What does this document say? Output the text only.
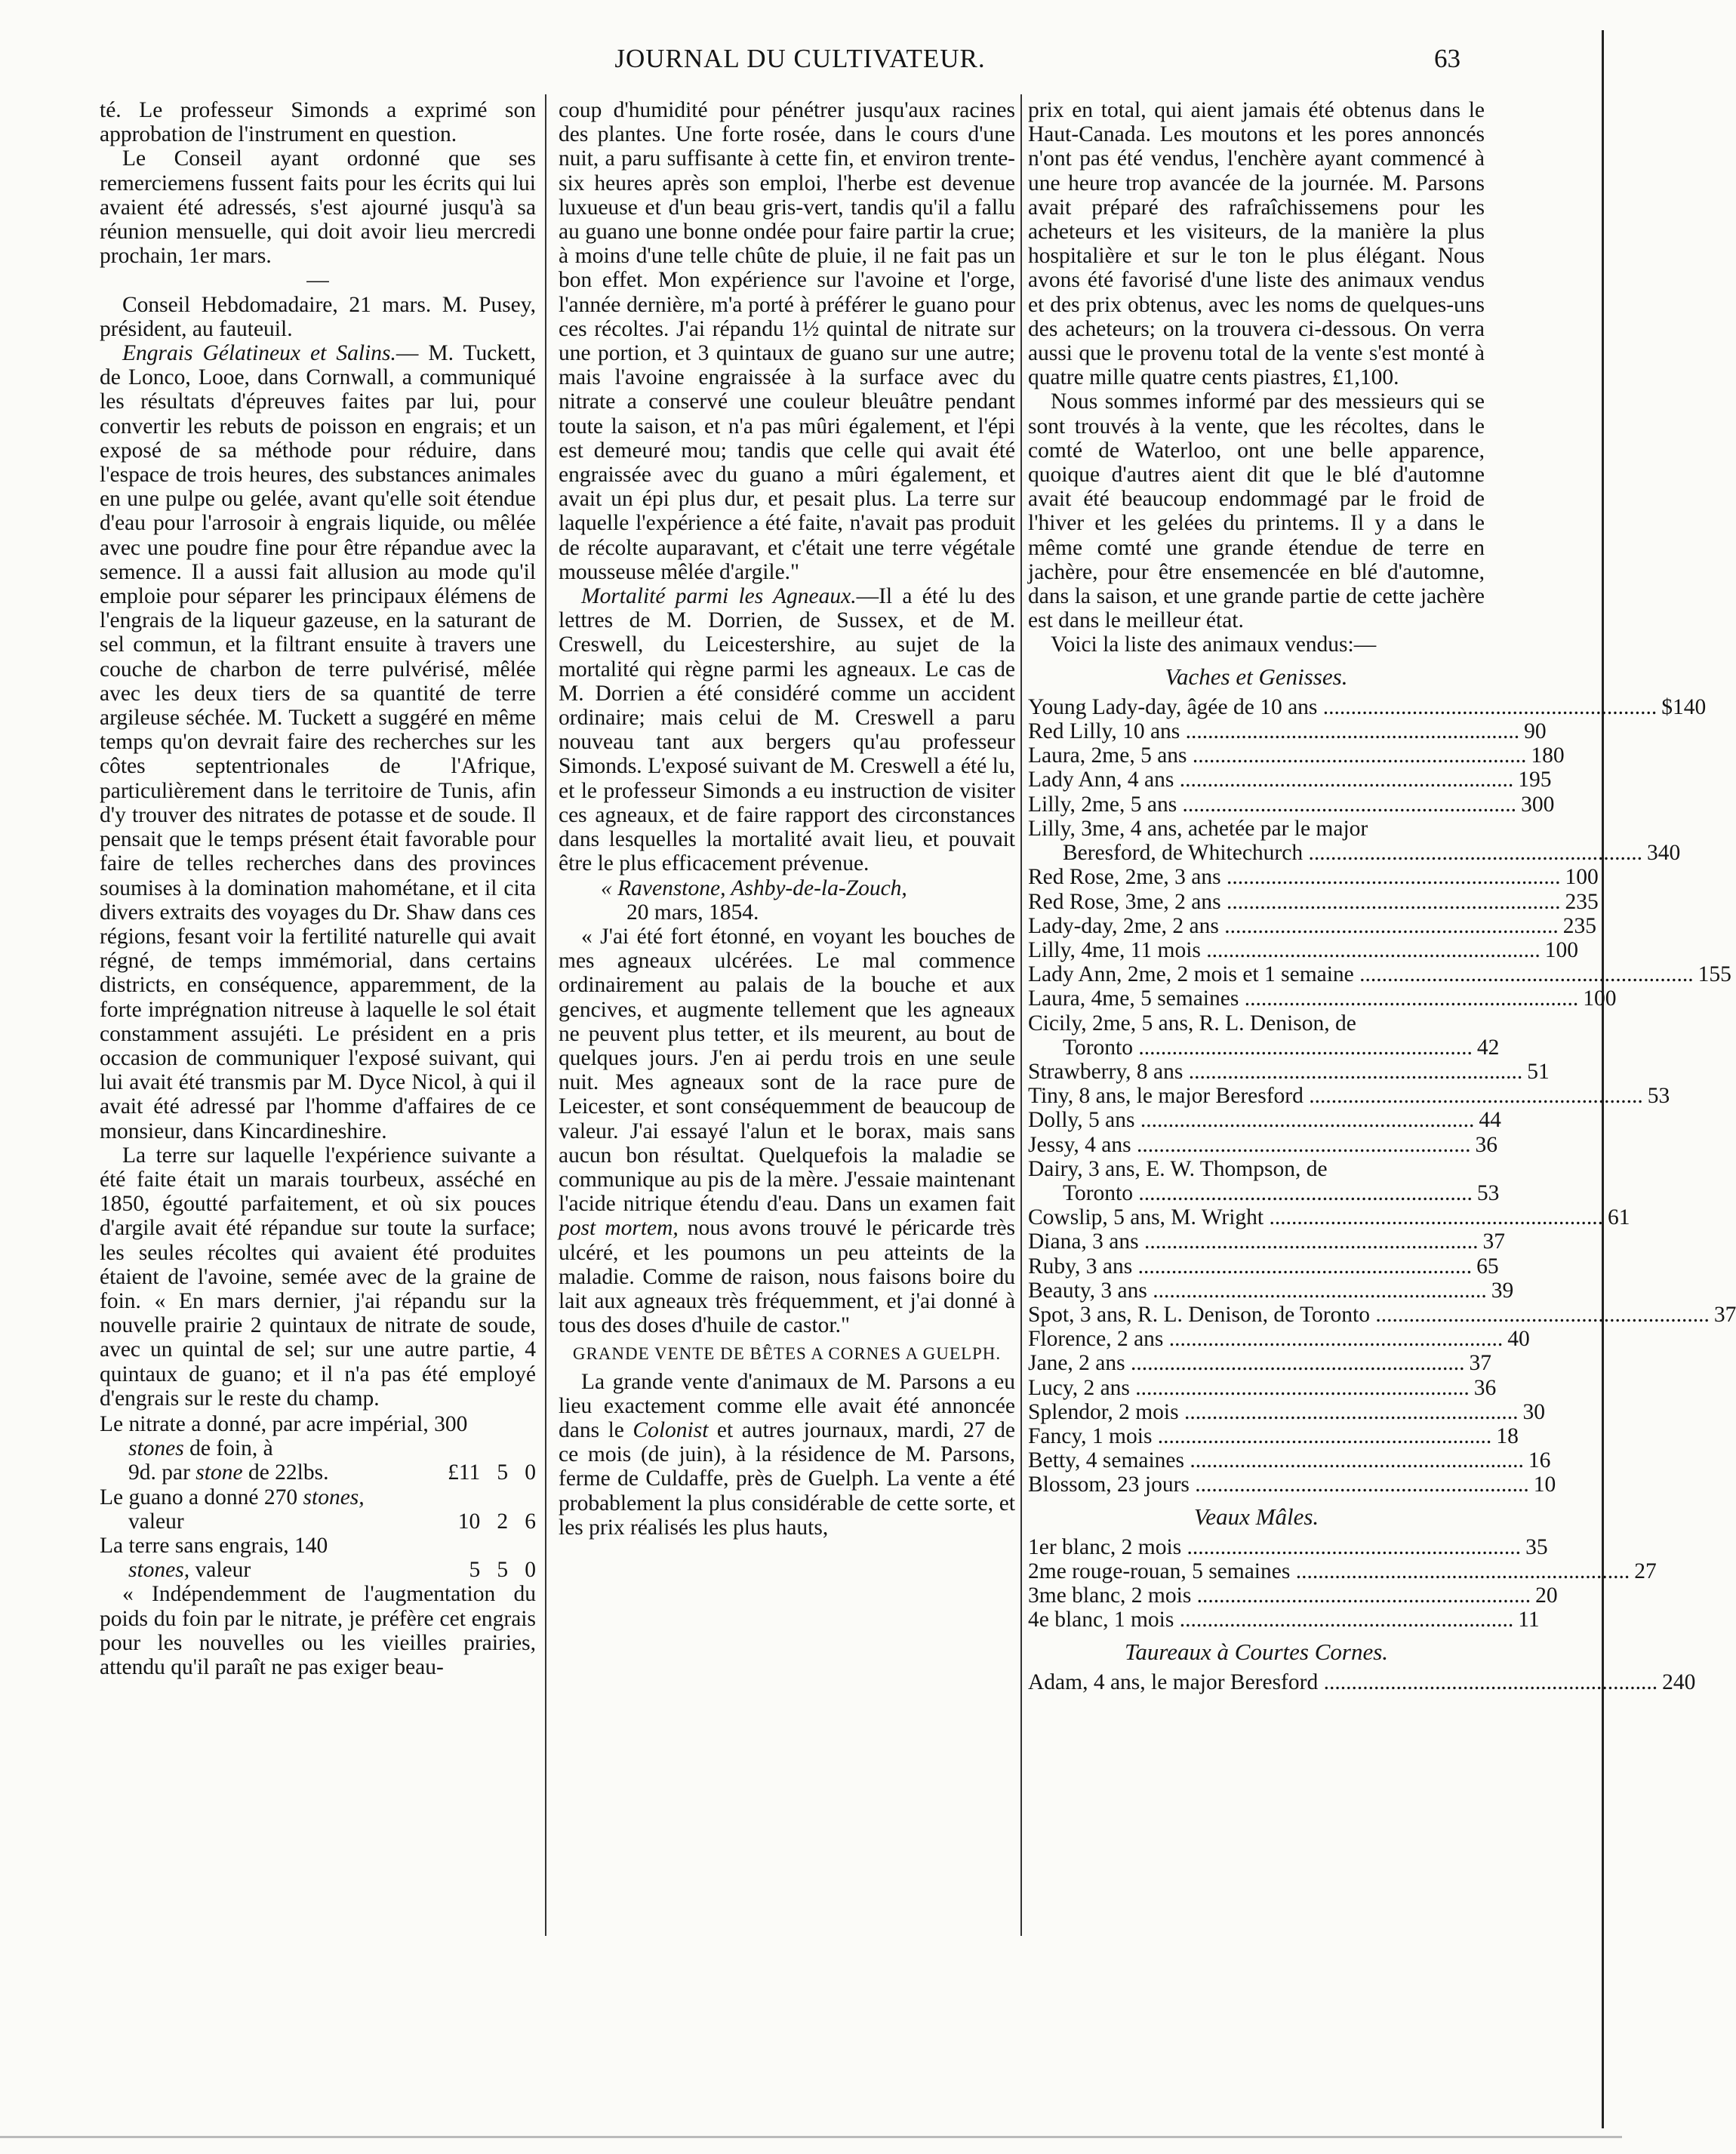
JOURNAL DU CULTIVATEUR.	63

té. Le professeur Simonds a exprimé son approbation de l'instrument en question.

Le Conseil ayant ordonné que ses remerciemens fussent faits pour les écrits qui lui avaient été adressés, s'est ajourné jusqu'à sa réunion mensuelle, qui doit avoir lieu mercredi prochain, 1er mars.

—

Conseil Hebdomadaire, 21 mars. M. Pusey, président, au fauteuil.

Engrais Gélatineux et Salins.— M. Tuckett, de Lonco, Looe, dans Cornwall, a communiqué les résultats d'épreuves faites par lui, pour convertir les rebuts de poisson en engrais; et un exposé de sa méthode pour réduire, dans l'espace de trois heures, des substances animales en une pulpe ou gelée, avant qu'elle soit étendue d'eau pour l'arrosoir à engrais liquide, ou mêlée avec une poudre fine pour être répandue avec la semence. Il a aussi fait allusion au mode qu'il emploie pour séparer les principaux élémens de l'engrais de la liqueur gazeuse, en la saturant de sel commun, et la filtrant ensuite à travers une couche de charbon de terre pulvérisé, mêlée avec les deux tiers de sa quantité de terre argileuse séchée. M. Tuckett a suggéré en même temps qu'on devrait faire des recherches sur les côtes septentrionales de l'Afrique, particulièrement dans le territoire de Tunis, afin d'y trouver des nitrates de potasse et de soude. Il pensait que le temps présent était favorable pour faire de telles recherches dans des provinces soumises à la domination mahométane, et il cita divers extraits des voyages du Dr. Shaw dans ces régions, fesant voir la fertilité naturelle qui avait régné, de temps immémorial, dans certains districts, en conséquence, apparemment, de la forte imprégnation nitreuse à laquelle le sol était constamment assujéti. Le président en a pris occasion de communiquer l'exposé suivant, qui lui avait été transmis par M. Dyce Nicol, à qui il avait été adressé par l'homme d'affaires de ce monsieur, dans Kincardineshire.

La terre sur laquelle l'expérience suivante a été faite était un marais tourbeux, asséché en 1850, égoutté parfaitement, et où six pouces d'argile avait été répandue sur toute la surface; les seules récoltes qui avaient été produites étaient de l'avoine, semée avec de la graine de foin. « En mars dernier, j'ai répandu sur la nouvelle prairie 2 quintaux de nitrate de soude, avec un quintal de sel; sur une autre partie, 4 quintaux de guano; et il n'a pas été employé d'engrais sur le reste du champ.

Le nitrate a donné, par acre impérial, 300
stones de foin, à
9d. par stone de 22lbs.	£11   5   0
Le guano a donné 270 stones,
valeur	10   2   6
La terre sans engrais, 140
stones, valeur	5   5   0

« Indépendemment de l'augmentation du poids du foin par le nitrate, je préfère cet engrais pour les nouvelles ou les vieilles prairies, attendu qu'il paraît ne pas exiger beau-

coup d'humidité pour pénétrer jusqu'aux racines des plantes. Une forte rosée, dans le cours d'une nuit, a paru suffisante à cette fin, et environ trente-six heures après son emploi, l'herbe est devenue luxueuse et d'un beau gris-vert, tandis qu'il a fallu au guano une bonne ondée pour faire partir la crue; à moins d'une telle chûte de pluie, il ne fait pas un bon effet. Mon expérience sur l'avoine et l'orge, l'année dernière, m'a porté à préférer le guano pour ces récoltes. J'ai répandu 1½ quintal de nitrate sur une portion, et 3 quintaux de guano sur une autre; mais l'avoine engraissée à la surface avec du nitrate a conservé une couleur bleuâtre pendant toute la saison, et n'a pas mûri également, et l'épi est demeuré mou; tandis que celle qui avait été engraissée avec du guano a mûri également, et avait un épi plus dur, et pesait plus. La terre sur laquelle l'expérience a été faite, n'avait pas produit de récolte auparavant, et c'était une terre végétale mousseuse mêlée d'argile."

Mortalité parmi les Agneaux.—Il a été lu des lettres de M. Dorrien, de Sussex, et de M. Creswell, du Leicestershire, au sujet de la mortalité qui règne parmi les agneaux. Le cas de M. Dorrien a été considéré comme un accident ordinaire; mais celui de M. Creswell a paru nouveau tant aux bergers qu'au professeur Simonds. L'exposé suivant de M. Creswell a été lu, et le professeur Simonds a eu instruction de visiter ces agneaux, et de faire rapport des circonstances dans lesquelles la mortalité avait lieu, et pouvait être le plus efficacement prévenue.

« Ravenstone, Ashby-de-la-Zouch,

20 mars, 1854.

« J'ai été fort étonné, en voyant les bouches de mes agneaux ulcérées. Le mal commence ordinairement au palais de la bouche et aux gencives, et augmente tellement que les agneaux ne peuvent plus tetter, et ils meurent, au bout de quelques jours. J'en ai perdu trois en une seule nuit. Mes agneaux sont de la race pure de Leicester, et sont conséquemment de beaucoup de valeur. J'ai essayé l'alun et le borax, mais sans aucun bon résultat. Quelquefois la maladie se communique au pis de la mère. J'essaie maintenant l'acide nitrique étendu d'eau. Dans un examen fait post mortem, nous avons trouvé le péricarde très ulcéré, et les poumons un peu atteints de la maladie. Comme de raison, nous faisons boire du lait aux agneaux très fréquemment, et j'ai donné à tous des doses d'huile de castor."

GRANDE VENTE DE BÊTES A CORNES A GUELPH.

La grande vente d'animaux de M. Parsons a eu lieu exactement comme elle avait été annoncée dans le Colonist et autres journaux, mardi, 27 de ce mois (de juin), à la résidence de M. Parsons, ferme de Culdaffe, près de Guelph. La vente a été probablement la plus considérable de cette sorte, et les prix réalisés les plus hauts,

prix en total, qui aient jamais été obtenus dans le Haut-Canada. Les moutons et les pores annoncés n'ont pas été vendus, l'enchère ayant commencé à une heure trop avancée de la journée. M. Parsons avait préparé des rafraîchissemens pour les acheteurs et les visiteurs, de la manière la plus hospitalière et sur le ton le plus élégant. Nous avons été favorisé d'une liste des animaux vendus et des prix obtenus, avec les noms de quelques-uns des acheteurs; on la trouvera ci-dessous. On verra aussi que le provenu total de la vente s'est monté à quatre mille quatre cents piastres, £1,100.

Nous sommes informé par des messieurs qui se sont trouvés à la vente, que les récoltes, dans le comté de Waterloo, ont une belle apparence, quoique d'autres aient dit que le blé d'automne avait été beaucoup endommagé par le froid de l'hiver et les gelées du printems. Il y a dans le même comté une grande étendue de terre en jachère, pour être ensemencée en blé d'automne, dans la saison, et une grande partie de cette jachère est dans le meilleur état.

Voici la liste des animaux vendus:—

Vaches et Genisses.

Young Lady-day, âgée de 10 ans ............................................................ $140
Red Lilly, 10 ans ............................................................ 90
Laura, 2me, 5 ans ............................................................ 180
Lady Ann, 4 ans ............................................................ 195
Lilly, 2me, 5 ans ............................................................ 300
Lilly, 3me, 4 ans, achetée par le major
Beresford, de Whitechurch ............................................................ 340
Red Rose, 2me, 3 ans ............................................................ 100
Red Rose, 3me, 2 ans ............................................................ 235
Lady-day, 2me, 2 ans ............................................................ 235
Lilly, 4me, 11 mois ............................................................ 100
Lady Ann, 2me, 2 mois et 1 semaine ............................................................ 155
Laura, 4me, 5 semaines ............................................................ 100
Cicily, 2me, 5 ans, R. L. Denison, de
Toronto ............................................................ 42
Strawberry, 8 ans ............................................................ 51
Tiny, 8 ans, le major Beresford ............................................................ 53
Dolly, 5 ans ............................................................ 44
Jessy, 4 ans ............................................................ 36
Dairy, 3 ans, E. W. Thompson, de
Toronto ............................................................ 53
Cowslip, 5 ans, M. Wright ............................................................ 61
Diana, 3 ans ............................................................ 37
Ruby, 3 ans ............................................................ 65
Beauty, 3 ans ............................................................ 39
Spot, 3 ans, R. L. Denison, de Toronto ............................................................ 37
Florence, 2 ans ............................................................ 40
Jane, 2 ans ............................................................ 37
Lucy, 2 ans ............................................................ 36
Splendor, 2 mois ............................................................ 30
Fancy, 1 mois ............................................................ 18
Betty, 4 semaines ............................................................ 16
Blossom, 23 jours ............................................................ 10

Veaux Mâles.

1er blanc, 2 mois ............................................................ 35
2me rouge-rouan, 5 semaines ............................................................ 27
3me blanc, 2 mois ............................................................ 20
4e blanc, 1 mois ............................................................ 11

Taureaux à Courtes Cornes.

Adam, 4 ans, le major Beresford ............................................................ 240
